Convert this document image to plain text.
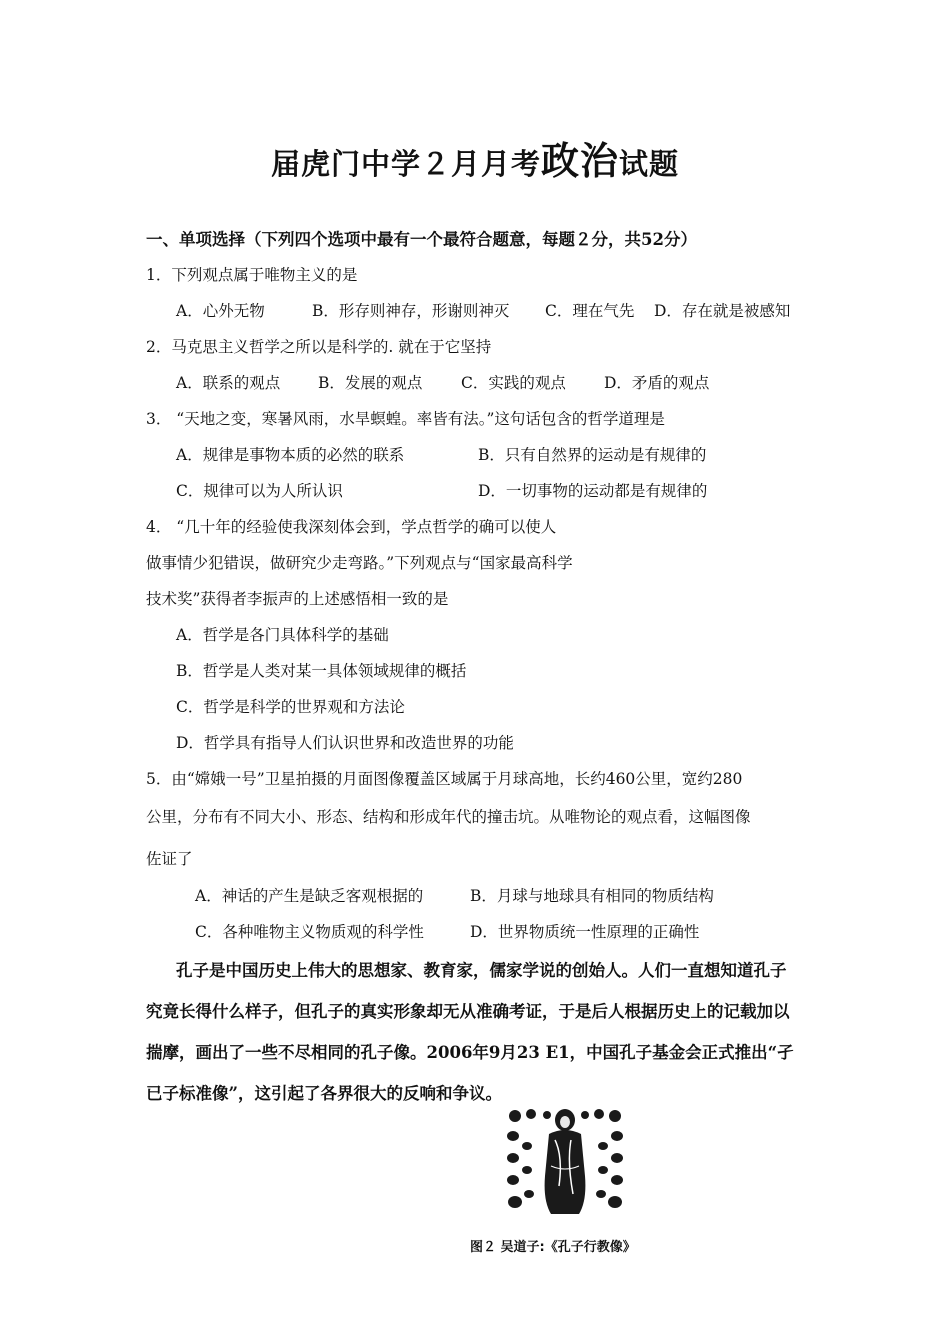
届虎门中学２月月考政治试题
一、单项选择（下列四个选项中最有一个最符合题意，每题２分，共52分）
1．下列观点属于唯物主义的是
A．心外无物	B．形存则神存，形谢则神灭 C．理在气先 D．存在就是被感知
2．马克思主义哲学之所以是科学的. 就在于它坚持
A．联系的观点 B．发展的观点 C．实践的观点 D．矛盾的观点
3． “天地之变，寒暑风雨，水旱螟蝗。率皆有法。”这句话包含的哲学道理是
A．规律是事物本质的必然的联系	B．只有自然界的运动是有规律的
C．规律可以为人所认识	D．一切事物的运动都是有规律的
4． “几十年的经验使我深刻体会到，学点哲学的确可以使人
做事情少犯错误，做研究少走弯路。”下列观点与“国家最高科学
技术奖”获得者李振声的上述感悟相一致的是
A．哲学是各门具体科学的基础
B．哲学是人类对某一具体领域规律的概括
C．哲学是科学的世界观和方法论
D．哲学具有指导人们认识世界和改造世界的功能
5．由“嫦娥一号”卫星拍摄的月面图像覆盖区域属于月球高地，长约460公里，宽约280
公里，分布有不同大小、形态、结构和形成年代的撞击坑。从唯物论的观点看，这幅图像
佐证了
A．神话的产生是缺乏客观根据的	B．月球与地球具有相同的物质结构
C．各种唯物主义物质观的科学性	D．世界物质统一性原理的正确性
孔子是中国历史上伟大的思想家、教育家，儒家学说的创始人。人们一直想知道孔子
究竟长得什么样子，但孔子的真实形象却无从准确考证，于是后人根据历史上的记载加以
揣摩，画出了一些不尽相同的孔子像。2006年9月23 E1，中国孔子基金会正式推出“孑
已子标准像”，这引起了各界很大的反响和争议。
图２ 吴道子:《孔子行教像》
